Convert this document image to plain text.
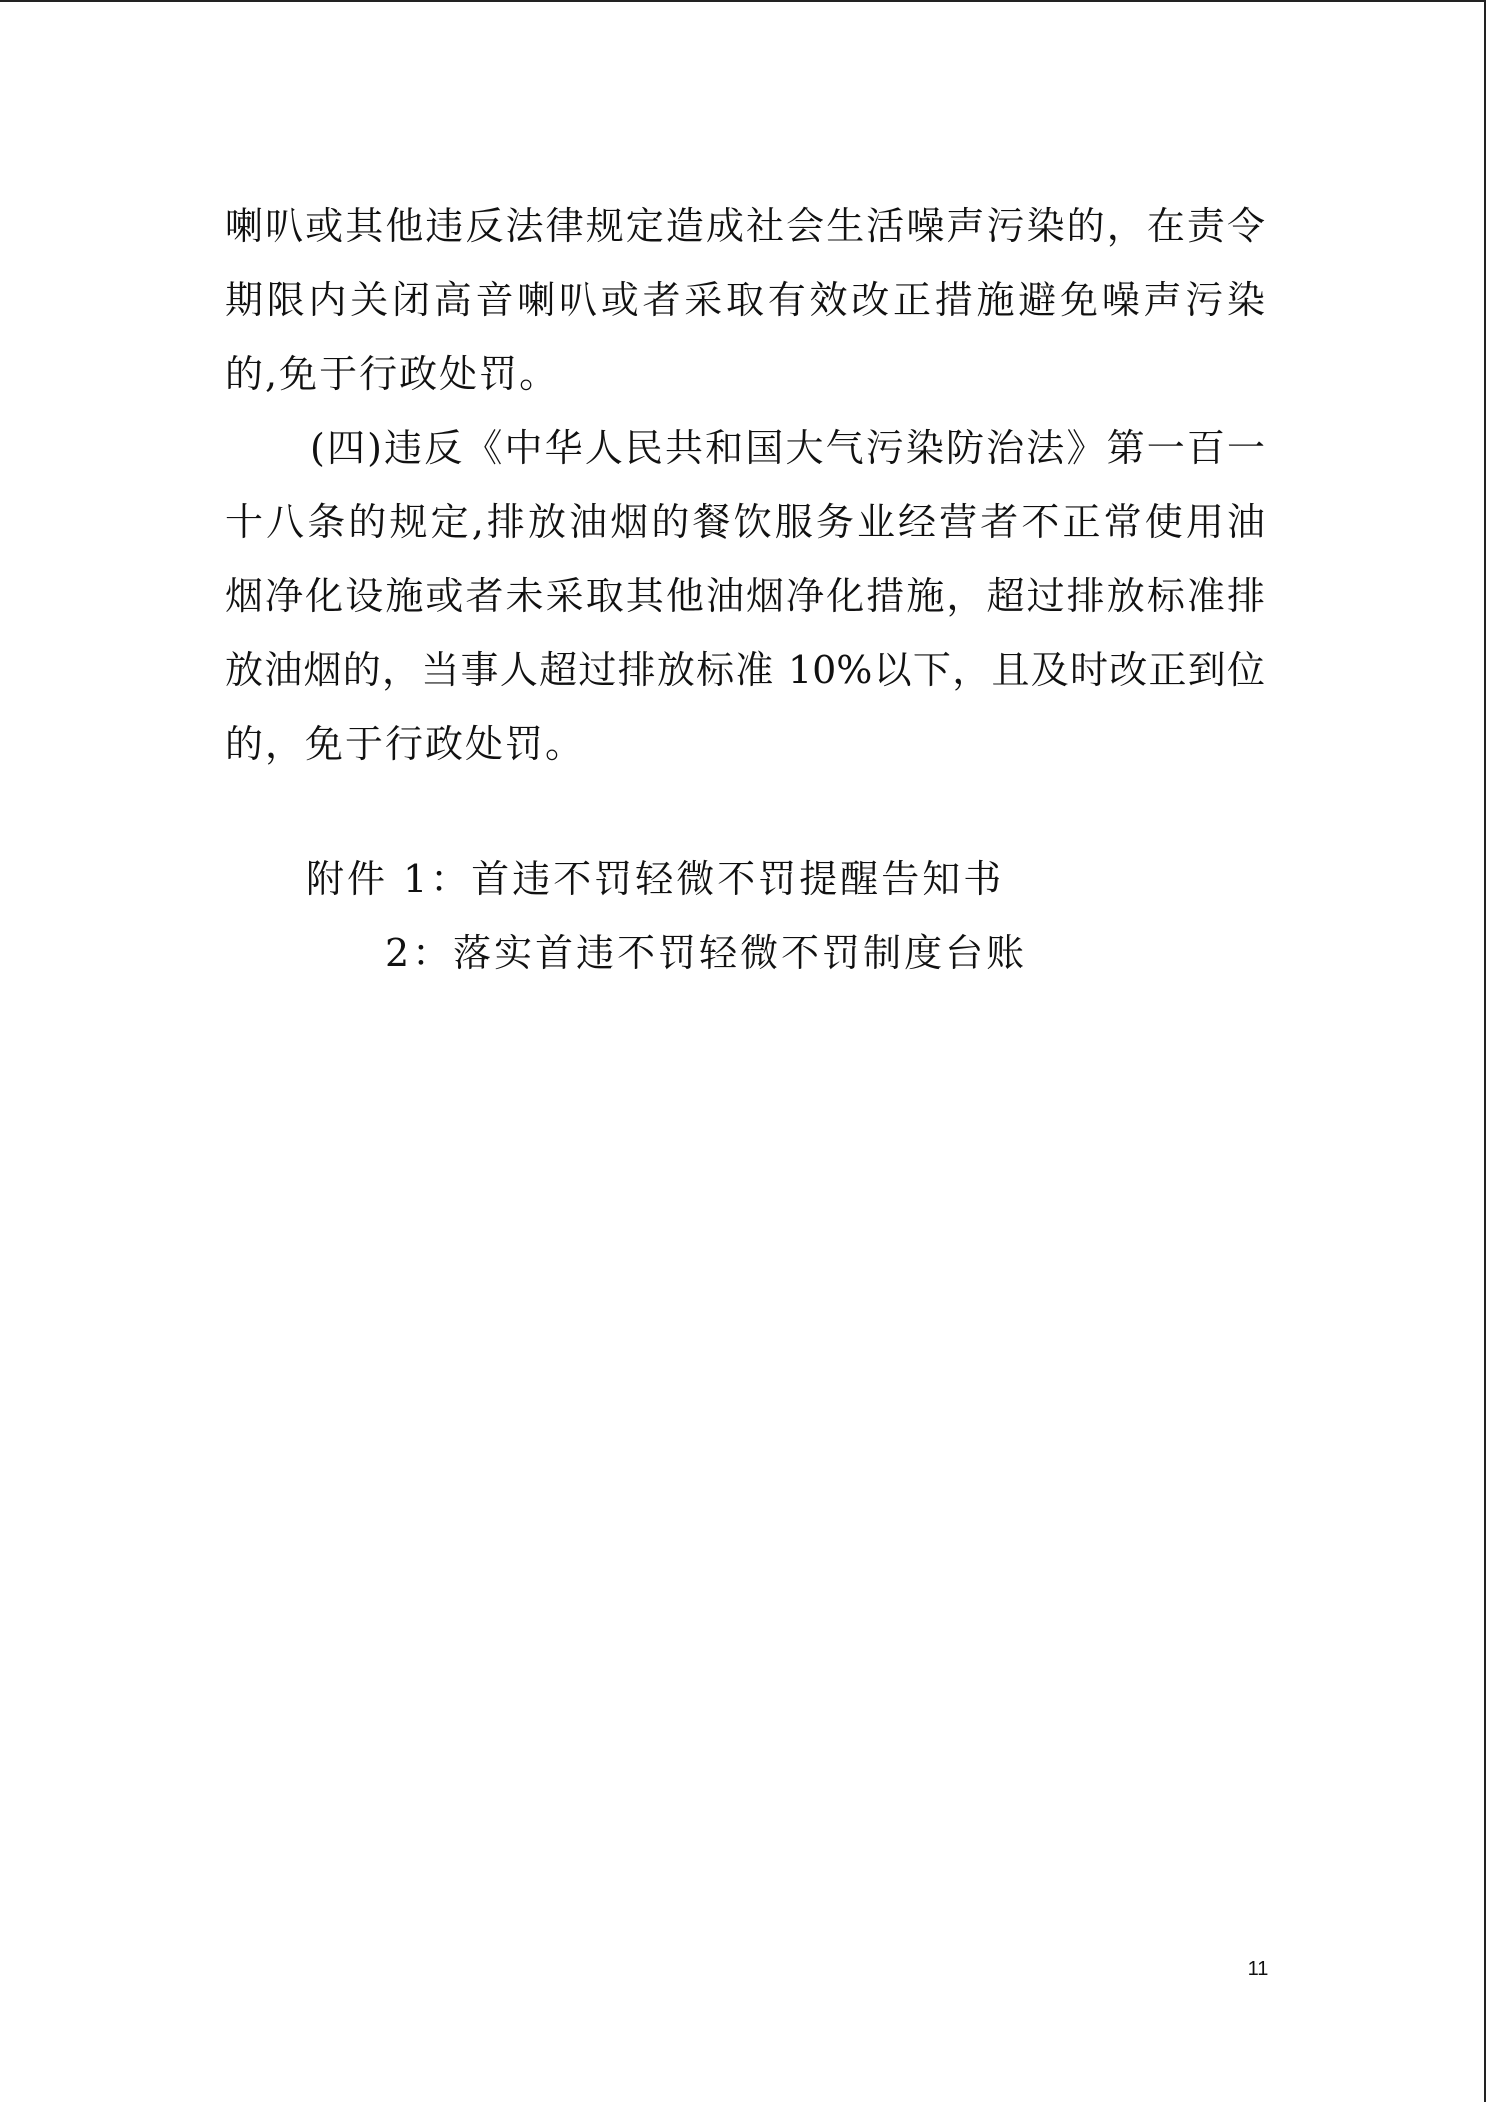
喇叭或其他违反法律规定造成社会生活噪声污染的，在责令
期限内关闭高音喇叭或者采取有效改正措施避免噪声污染
的,免于行政处罚。
(四)违反《中华人民共和国大气污染防治法》第一百一
十八条的规定,排放油烟的餐饮服务业经营者不正常使用油
烟净化设施或者未采取其他油烟净化措施，超过排放标准排
放油烟的，当事人超过排放标准 10%以下，且及时改正到位
的，免于行政处罚。
附件 1：首违不罚轻微不罚提醒告知书
2：落实首违不罚轻微不罚制度台账
11
